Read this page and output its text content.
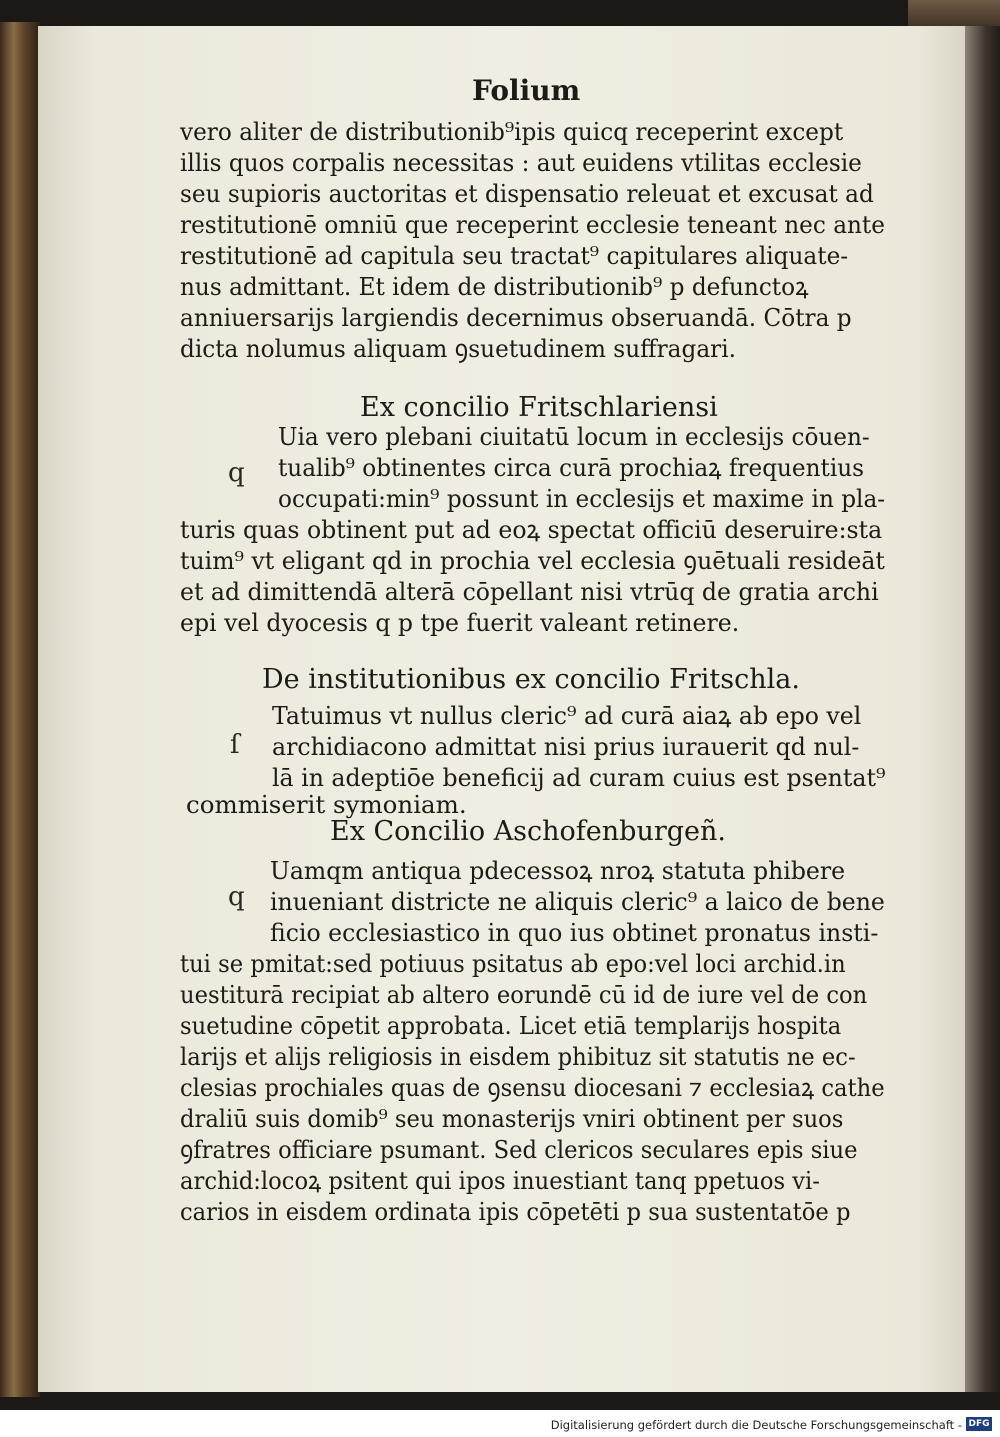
Folium
vero aliter de distributionib⁹ipis quicq receperint except
illis quos corpalis necessitas : aut euidens vtilitas ecclesie
seu supioris auctoritas et dispensatio releuat et excusat ad
restitutionē omniū que receperint ecclesie teneant nec ante
restitutionē ad capitula seu tractat⁹ capitulares aliquate-
nus admittant. Et idem de distributionib⁹ p defunctoꝝ
anniuersarijs largiendis decernimus obseruandā. Cōtra p
dicta nolumus aliquam ꝯsuetudinem suffragari.
Ex concilio Fritschlariensi
q
Uia vero plebani ciuitatū locum in ecclesijs cōuen-
tualib⁹ obtinentes circa curā prochiaꝝ frequentius
occupati:min⁹ possunt in ecclesijs et maxime in pla-
turis quas obtinent put ad eoꝝ spectat officiū deseruire:sta
tuim⁹ vt eligant qd in prochia vel ecclesia ꝯuētuali resideāt
et ad dimittendā alterā cōpellant nisi vtrūq de gratia archi
epi vel dyocesis q p tpe fuerit valeant retinere.
De institutionibus ex concilio Fritschla.
ſ
Tatuimus vt nullus cleric⁹ ad curā aiaꝝ ab epo vel
archidiacono admittat nisi prius iurauerit qd nul-
lā in adeptiōe beneficij ad curam cuius est psentat⁹
commiserit symoniam.
Ex Concilio Aschofenburgeñ.
q
Uamqm antiqua pdecessoꝝ nroꝝ statuta phibere
inueniant districte ne aliquis cleric⁹ a laico de bene
ficio ecclesiastico in quo ius obtinet pronatus insti-
tui se pmitat:sed potiuus psitatus ab epo:vel loci archid.in
uestiturā recipiat ab altero eorundē cū id de iure vel de con
suetudine cōpetit approbata. Licet etiā templarijs hospita
larijs et alijs religiosis in eisdem phibituz sit statutis ne ec-
clesias prochiales quas de ꝯsensu diocesani ⁊ ecclesiaꝝ cathe
draliū suis domib⁹ seu monasterijs vniri obtinent per suos
ꝯfratres officiare psumant. Sed clericos seculares epis siue
archid:locoꝝ psitent qui ipos inuestiant tanq ppetuos vi-
carios in eisdem ordinata ipis cōpetēti p sua sustentatōe p
Digitalisierung gefördert durch die Deutsche Forschungsgemeinschaft - DFG
